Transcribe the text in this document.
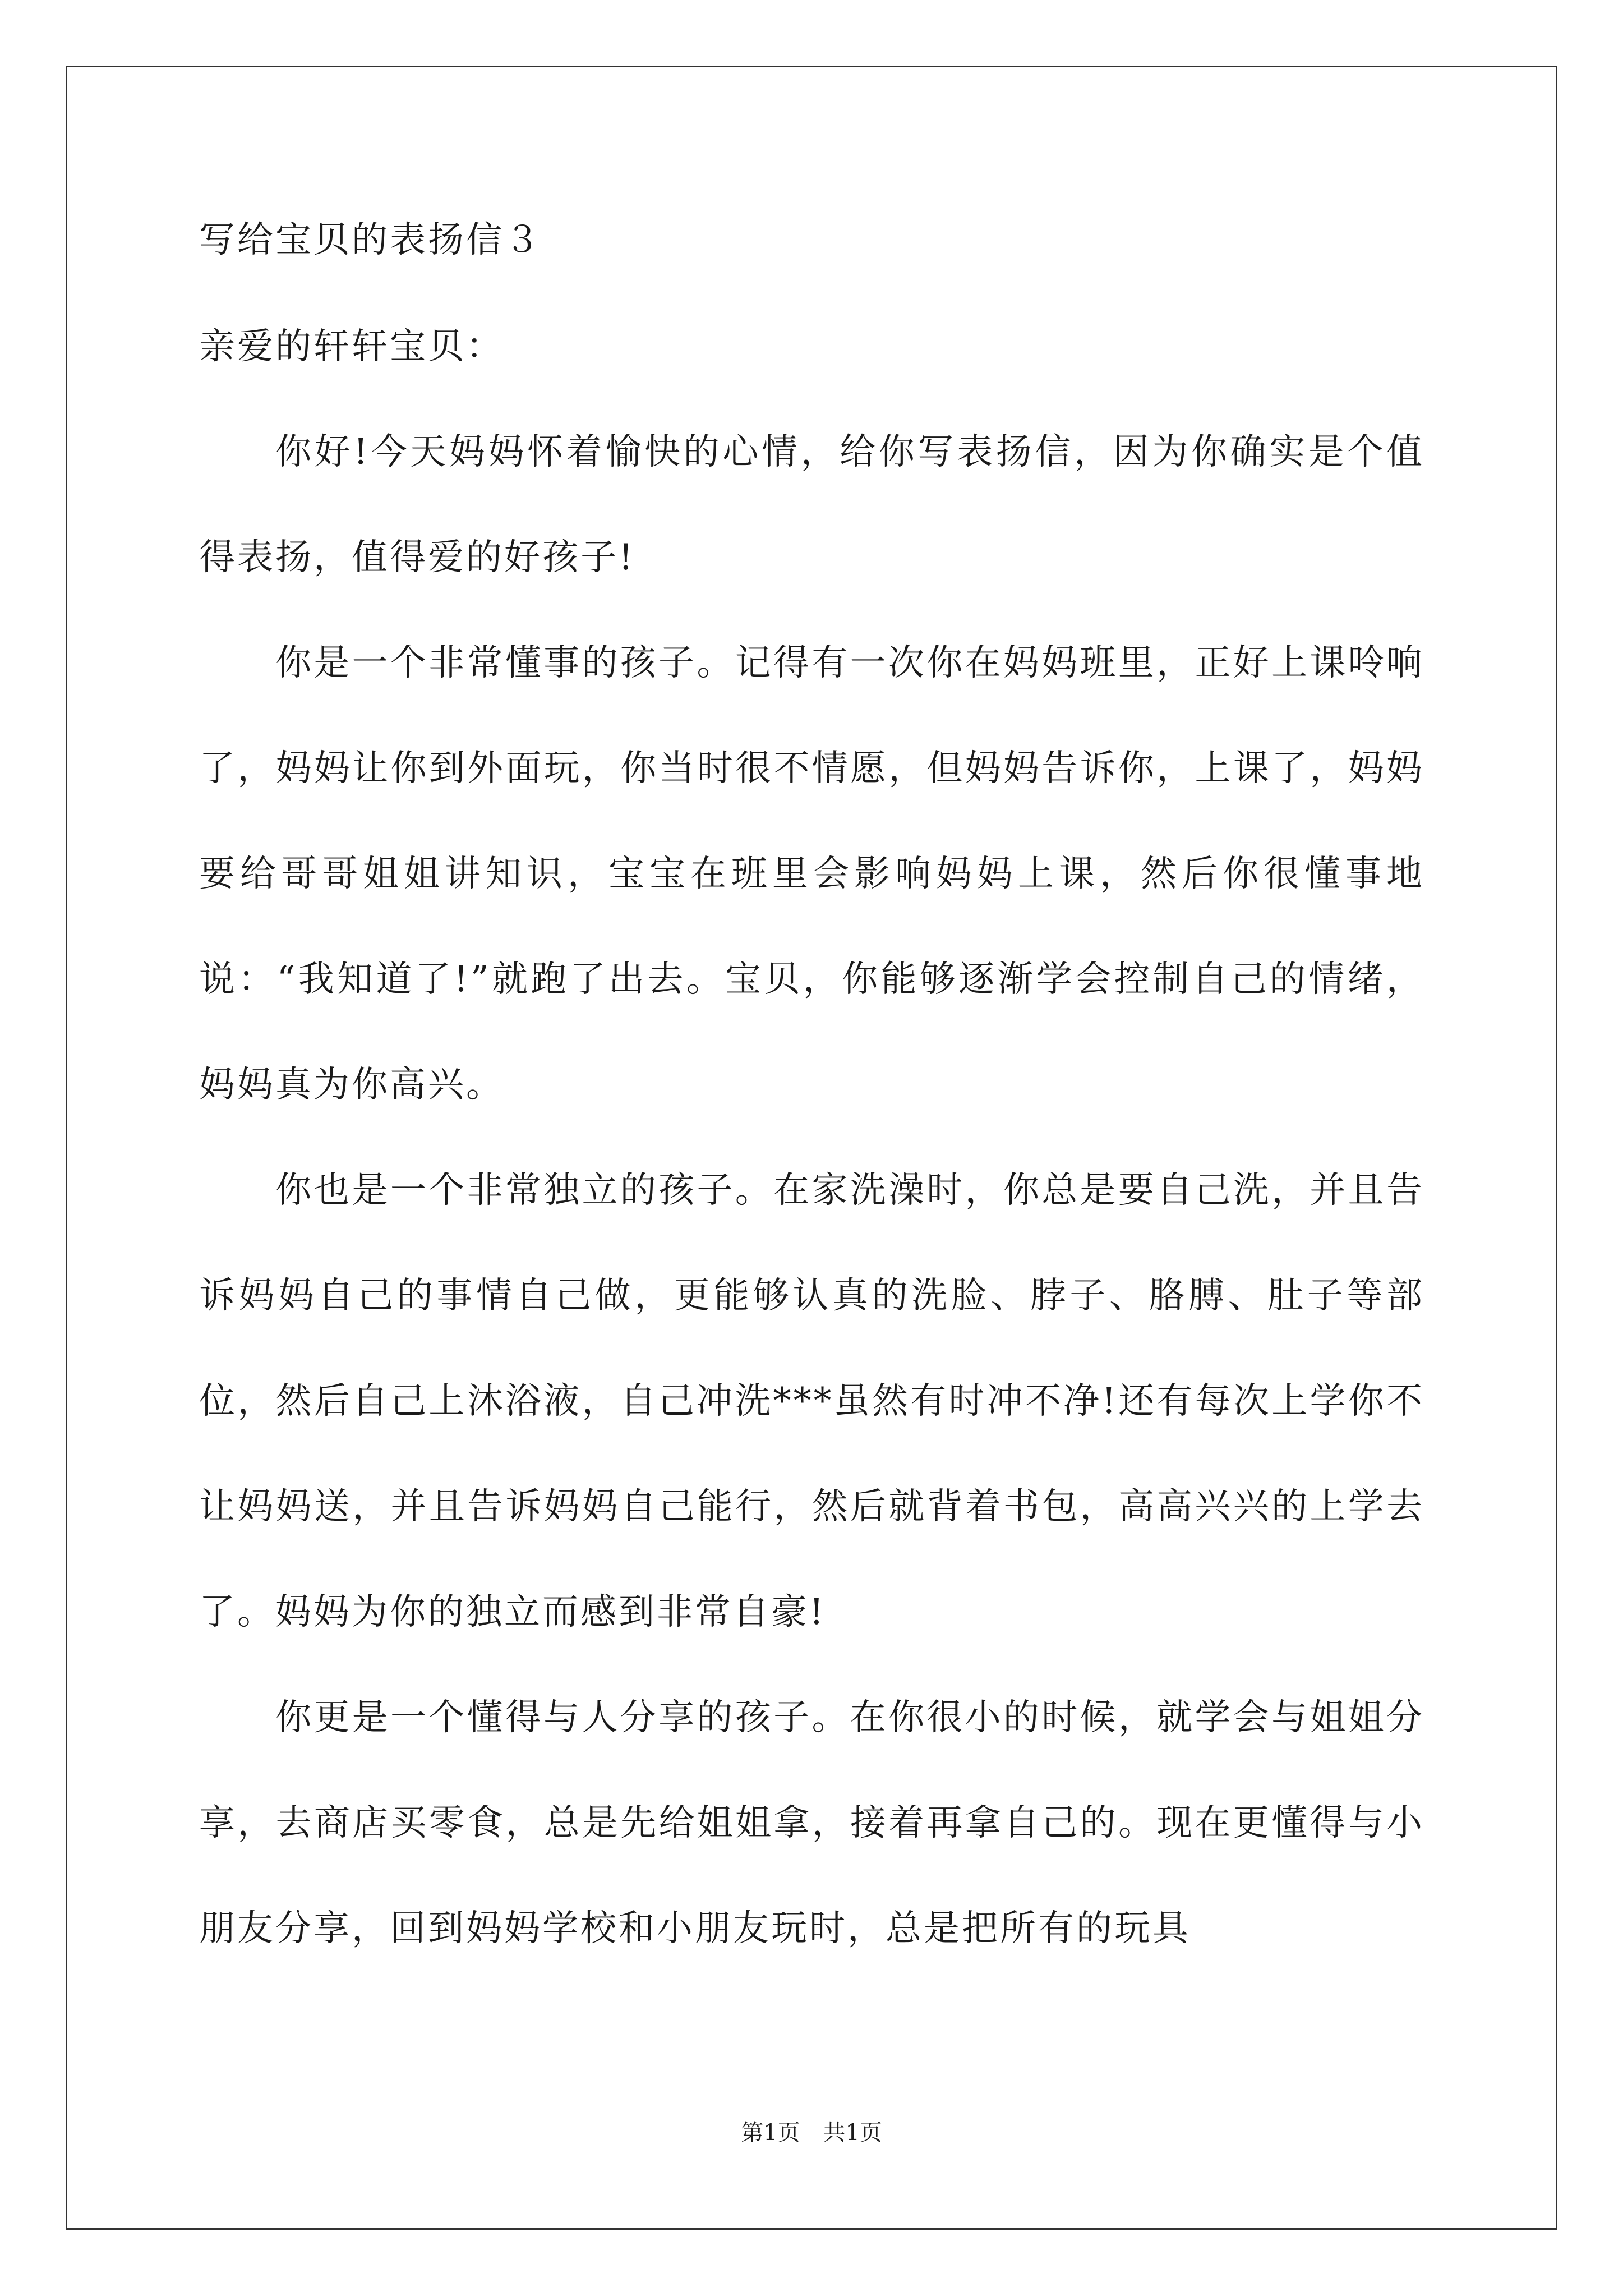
写给宝贝的表扬信３

亲爱的轩轩宝贝：

你好!今天妈妈怀着愉快的心情，给你写表扬信，因为你确实是个值得表扬，值得爱的好孩子!

你是一个非常懂事的孩子。记得有一次你在妈妈班里，正好上课呤响了，妈妈让你到外面玩，你当时很不情愿，但妈妈告诉你，上课了，妈妈要给哥哥姐姐讲知识，宝宝在班里会影响妈妈上课，然后你很懂事地说：“我知道了!”就跑了出去。宝贝，你能够逐渐学会控制自己的情绪，妈妈真为你高兴。

你也是一个非常独立的孩子。在家洗澡时，你总是要自己洗，并且告诉妈妈自己的事情自己做，更能够认真的洗脸、脖子、胳膊、肚子等部位，然后自己上沐浴液，自己冲洗***虽然有时冲不净!还有每次上学你不让妈妈送，并且告诉妈妈自己能行，然后就背着书包，高高兴兴的上学去了。妈妈为你的独立而感到非常自豪!

你更是一个懂得与人分享的孩子。在你很小的时候，就学会与姐姐分享，去商店买零食，总是先给姐姐拿，接着再拿自己的。现在更懂得与小朋友分享，回到妈妈学校和小朋友玩时，总是把所有的玩具

第1页 共1页
